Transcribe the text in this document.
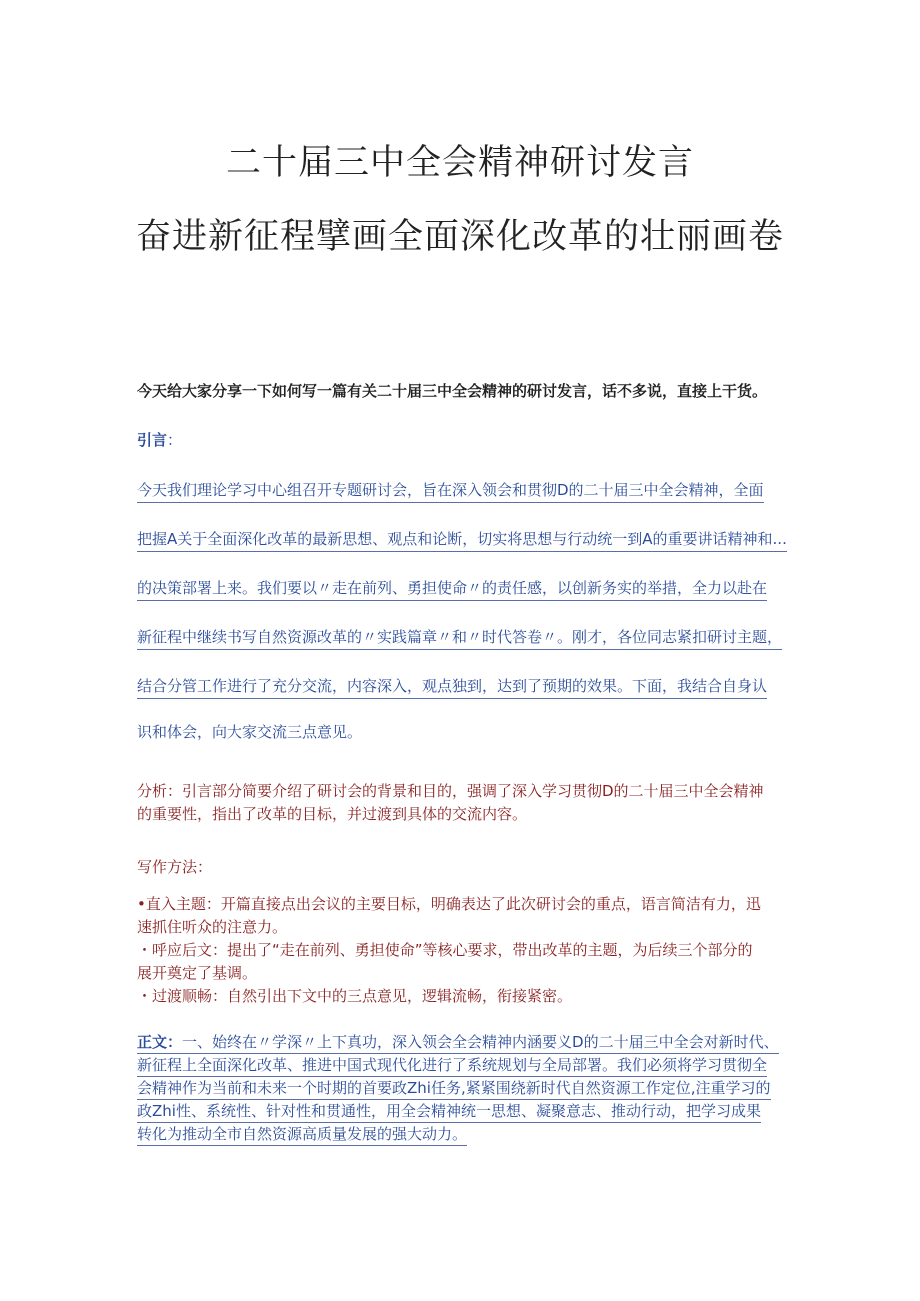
二十届三中全会精神研讨发言
奋进新征程擘画全面深化改革的壮丽画卷
今天给大家分享一下如何写一篇有关二十届三中全会精神的研讨发言，话不多说，直接上干货。
引言：
今天我们理论学习中心组召开专题研讨会，旨在深入领会和贯彻D的二十届三中全会精神，全面
把握A关于全面深化改革的最新思想、观点和论断，切实将思想与行动统一到A的重要讲话精神和...
的决策部署上来。我们要以〃走在前列、勇担使命〃的责任感，以创新务实的举措，全力以赴在
新征程中继续书写自然资源改革的〃实践篇章〃和〃时代答卷〃。刚才，各位同志紧扣研讨主题，
结合分管工作进行了充分交流，内容深入，观点独到，达到了预期的效果。下面，我结合自身认
识和体会，向大家交流三点意见。

分析：引言部分简要介绍了研讨会的背景和目的，强调了深入学习贯彻D的二十届三中全会精神

的重要性，指出了改革的目标，并过渡到具体的交流内容。

写作方法：

•直入主题：开篇直接点出会议的主要目标，明确表达了此次研讨会的重点，语言简洁有力，迅

速抓住听众的注意力。

・呼应后文：提出了“走在前列、勇担使命”等核心要求，带出改革的主题，为后续三个部分的

展开奠定了基调。

・过渡顺畅：自然引出下文中的三点意见，逻辑流畅，衔接紧密。

正文：一、始终在〃学深〃上下真功，深入领会全会精神内涵要义D的二十届三中全会对新时代、
新征程上全面深化改革、推进中国式现代化进行了系统规划与全局部署。我们必须将学习贯彻全
会精神作为当前和未来一个时期的首要政Zhi任务,紧紧围绕新时代自然资源工作定位,注重学习的
政Zhi性、系统性、针对性和贯通性，用全会精神统一思想、凝聚意志、推动行动，把学习成果
转化为推动全市自然资源高质量发展的强大动力。
